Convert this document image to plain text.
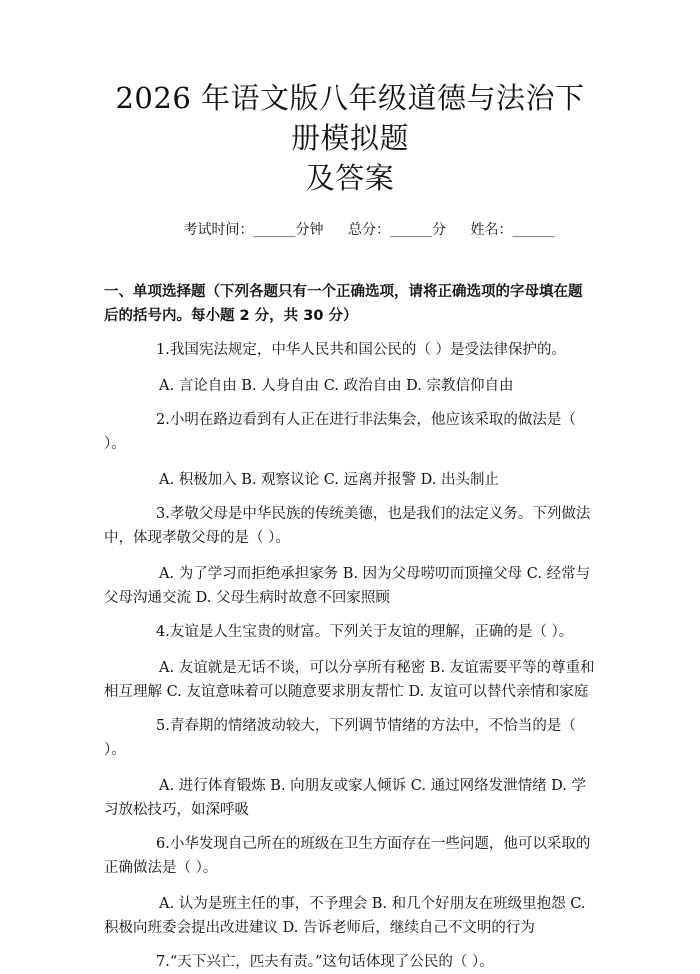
2026 年语文版八年级道德与法治下册模拟题
及答案
考试时间：______分钟 总分：______分 姓名：______
一、单项选择题（下列各题只有一个正确选项，请将正确选项的字母填在题后的括号内。每小题 2 分，共 30 分）
1.我国宪法规定，中华人民共和国公民的（ ）是受法律保护的。
A. 言论自由 B. 人身自由 C. 政治自由 D. 宗教信仰自由
2.小明在路边看到有人正在进行非法集会，他应该采取的做法是（ ）。
A. 积极加入 B. 观察议论 C. 远离并报警 D. 出头制止
3.孝敬父母是中华民族的传统美德，也是我们的法定义务。下列做法中，体现孝敬父母的是（ ）。
A. 为了学习而拒绝承担家务 B. 因为父母唠叨而顶撞父母 C. 经常与父母沟通交流 D. 父母生病时故意不回家照顾
4.友谊是人生宝贵的财富。下列关于友谊的理解，正确的是（ ）。
A. 友谊就是无话不谈，可以分享所有秘密 B. 友谊需要平等的尊重和相互理解 C. 友谊意味着可以随意要求朋友帮忙 D. 友谊可以替代亲情和家庭
5.青春期的情绪波动较大，下列调节情绪的方法中，不恰当的是（ ）。
A. 进行体育锻炼 B. 向朋友或家人倾诉 C. 通过网络发泄情绪 D. 学习放松技巧，如深呼吸
6.小华发现自己所在的班级在卫生方面存在一些问题，他可以采取的正确做法是（ ）。
A. 认为是班主任的事，不予理会 B. 和几个好朋友在班级里抱怨 C. 积极向班委会提出改进建议 D. 告诉老师后，继续自己不文明的行为
7.“天下兴亡，匹夫有责。”这句话体现了公民的（ ）。
